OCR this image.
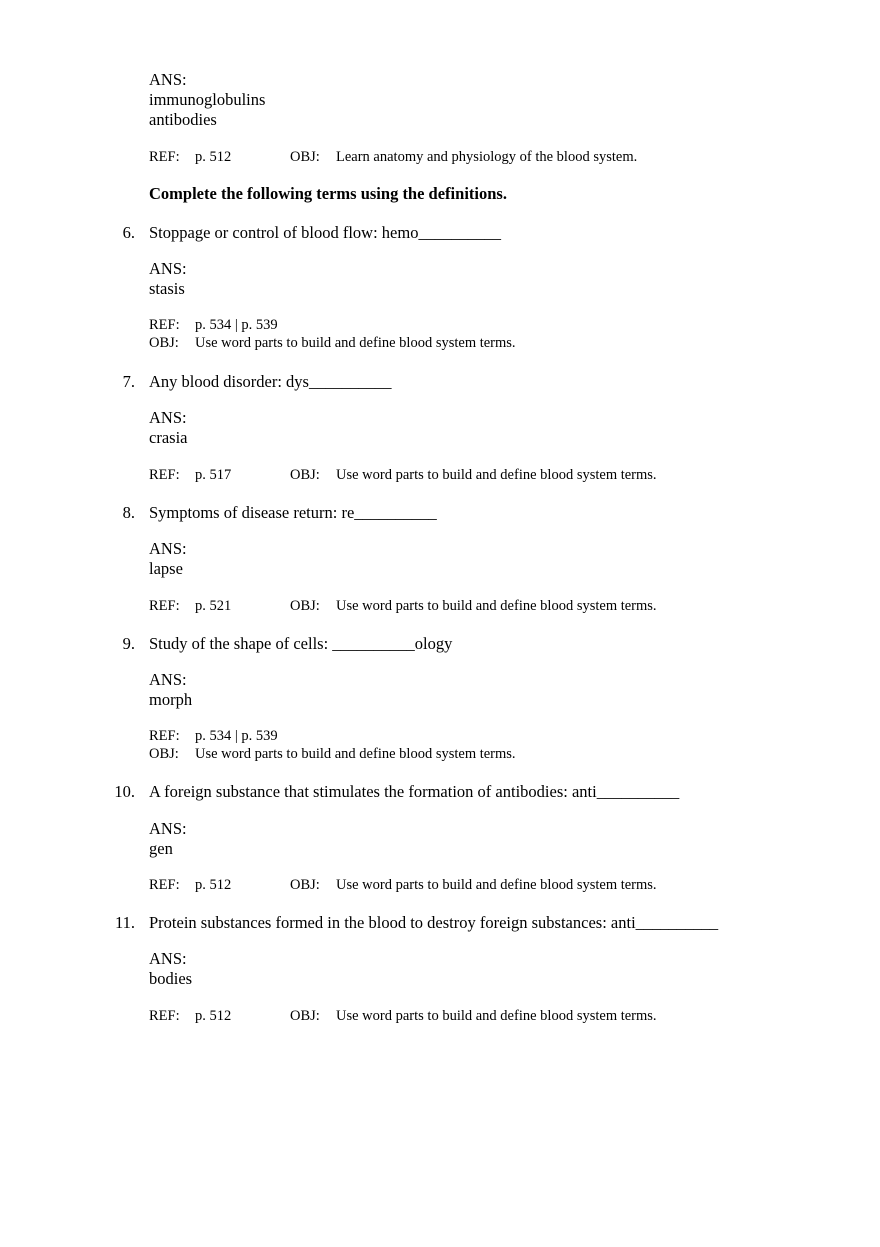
ANS:
immunoglobulins
antibodies
REF: p. 512	OBJ: Learn anatomy and physiology of the blood system.
Complete the following terms using the definitions.
6. Stoppage or control of blood flow: hemo__________
ANS:
stasis
REF: p. 534 | p. 539
OBJ: Use word parts to build and define blood system terms.
7. Any blood disorder: dys__________
ANS:
crasia
REF: p. 517	OBJ: Use word parts to build and define blood system terms.
8. Symptoms of disease return: re__________
ANS:
lapse
REF: p. 521	OBJ: Use word parts to build and define blood system terms.
9. Study of the shape of cells: __________ology
ANS:
morph
REF: p. 534 | p. 539
OBJ: Use word parts to build and define blood system terms.
10. A foreign substance that stimulates the formation of antibodies: anti__________
ANS:
gen
REF: p. 512	OBJ: Use word parts to build and define blood system terms.
11. Protein substances formed in the blood to destroy foreign substances: anti__________
ANS:
bodies
REF: p. 512	OBJ: Use word parts to build and define blood system terms.
